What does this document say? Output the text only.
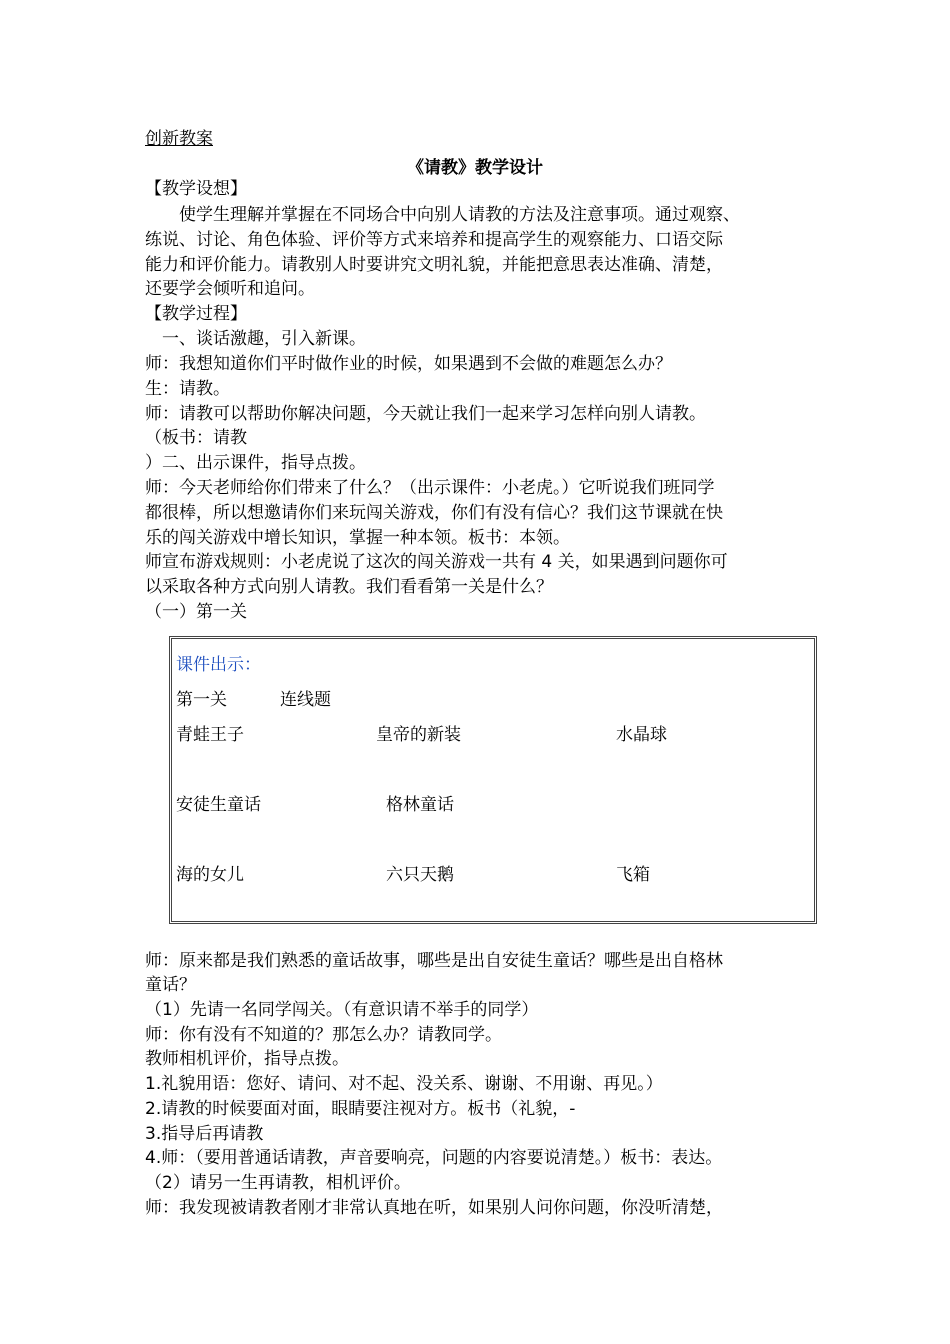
创新教案
《请教》教学设计
【教学设想】
　　使学生理解并掌握在不同场合中向别人请教的方法及注意事项。通过观察、
练说、讨论、角色体验、评价等方式来培养和提高学生的观察能力、口语交际
能力和评价能力。请教别人时要讲究文明礼貌，并能把意思表达准确、清楚，
还要学会倾听和追问。
【教学过程】
　一、谈话激趣，引入新课。
师：我想知道你们平时做作业的时候，如果遇到不会做的难题怎么办？
生：请教。
师：请教可以帮助你解决问题，今天就让我们一起来学习怎样向别人请教。
（板书：请教
）二、出示课件，指导点拨。
师：今天老师给你们带来了什么？（出示课件：小老虎。）它听说我们班同学
都很棒，所以想邀请你们来玩闯关游戏，你们有没有信心？我们这节课就在快
乐的闯关游戏中增长知识，掌握一种本领。板书：本领。
师宣布游戏规则：小老虎说了这次的闯关游戏一共有 4 关，如果遇到问题你可
以采取各种方式向别人请教。我们看看第一关是什么？
（一）第一关
课件出示：
第一关	连线题
青蛙王子	皇帝的新装	水晶球
安徒生童话	格林童话
海的女儿	六只天鹅	飞箱
师：原来都是我们熟悉的童话故事，哪些是出自安徒生童话？哪些是出自格林
童话？
（1）先请一名同学闯关。（有意识请不举手的同学）
师：你有没有不知道的？那怎么办？请教同学。
教师相机评价，指导点拨。
1.礼貌用语：您好、请问、对不起、没关系、谢谢、不用谢、再见。）
2.请教的时候要面对面，眼睛要注视对方。板书（礼貌，-
3.指导后再请教
4.师：（要用普通话请教，声音要响亮，问题的内容要说清楚。）板书：表达。
（2）请另一生再请教，相机评价。
师：我发现被请教者刚才非常认真地在听，如果别人问你问题，你没听清楚，
